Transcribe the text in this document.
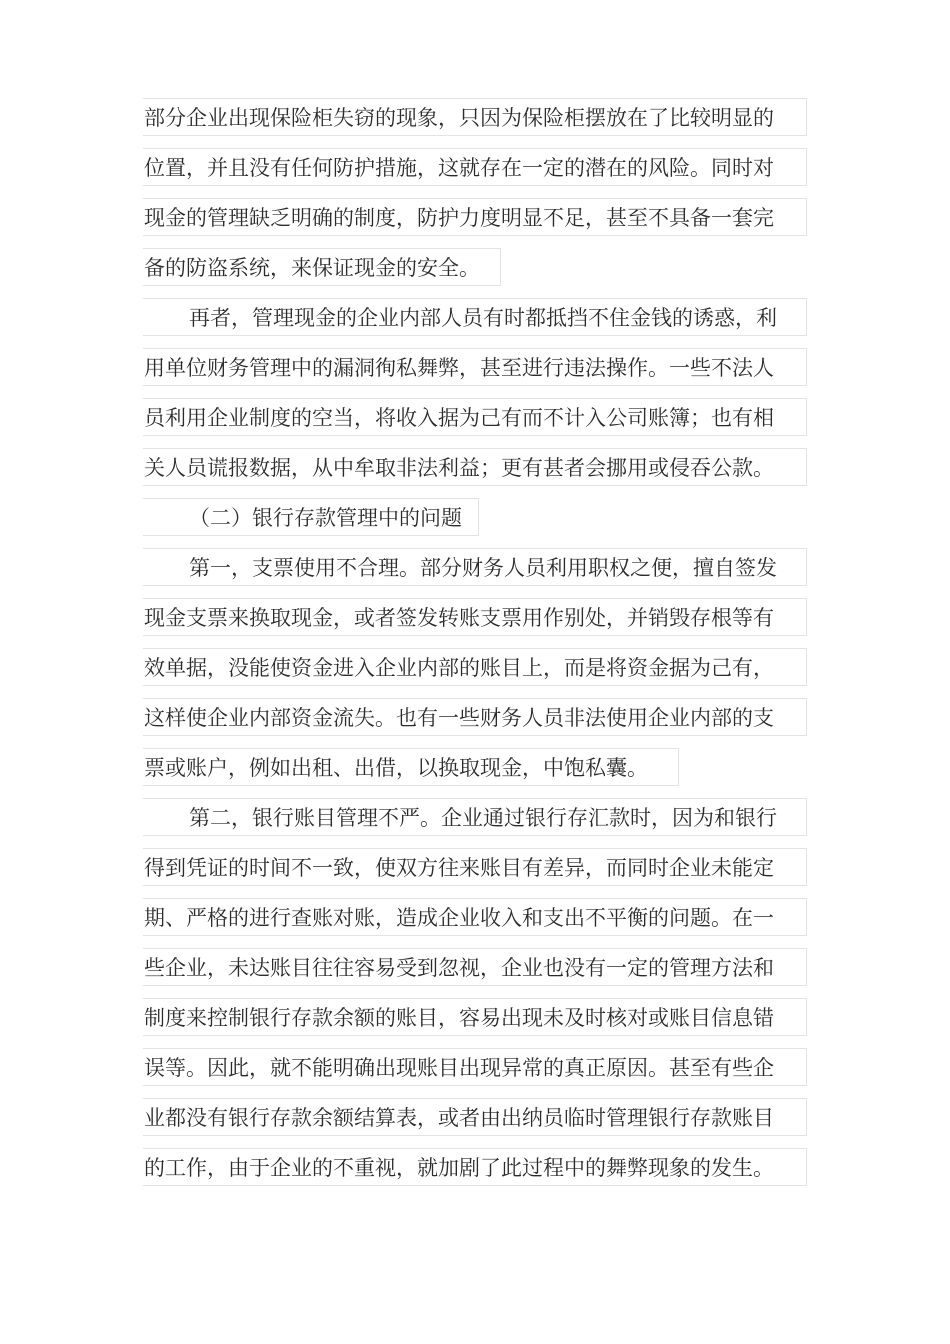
部分企业出现保险柜失窃的现象，只因为保险柜摆放在了比较明显的
位置，并且没有任何防护措施，这就存在一定的潜在的风险。同时对
现金的管理缺乏明确的制度，防护力度明显不足，甚至不具备一套完
备的防盗系统，来保证现金的安全。
再者，管理现金的企业内部人员有时都抵挡不住金钱的诱惑，利
用单位财务管理中的漏洞徇私舞弊，甚至进行违法操作。一些不法人
员利用企业制度的空当，将收入据为己有而不计入公司账簿；也有相
关人员谎报数据，从中牟取非法利益；更有甚者会挪用或侵吞公款。
（二）银行存款管理中的问题
第一，支票使用不合理。部分财务人员利用职权之便，擅自签发
现金支票来换取现金，或者签发转账支票用作别处，并销毁存根等有
效单据，没能使资金进入企业内部的账目上，而是将资金据为己有，
这样使企业内部资金流失。也有一些财务人员非法使用企业内部的支
票或账户，例如出租、出借，以换取现金，中饱私囊。
第二，银行账目管理不严。企业通过银行存汇款时，因为和银行
得到凭证的时间不一致，使双方往来账目有差异，而同时企业未能定
期、严格的进行查账对账，造成企业收入和支出不平衡的问题。在一
些企业，未达账目往往容易受到忽视，企业也没有一定的管理方法和
制度来控制银行存款余额的账目，容易出现未及时核对或账目信息错
误等。因此，就不能明确出现账目出现异常的真正原因。甚至有些企
业都没有银行存款余额结算表，或者由出纳员临时管理银行存款账目
的工作，由于企业的不重视，就加剧了此过程中的舞弊现象的发生。
